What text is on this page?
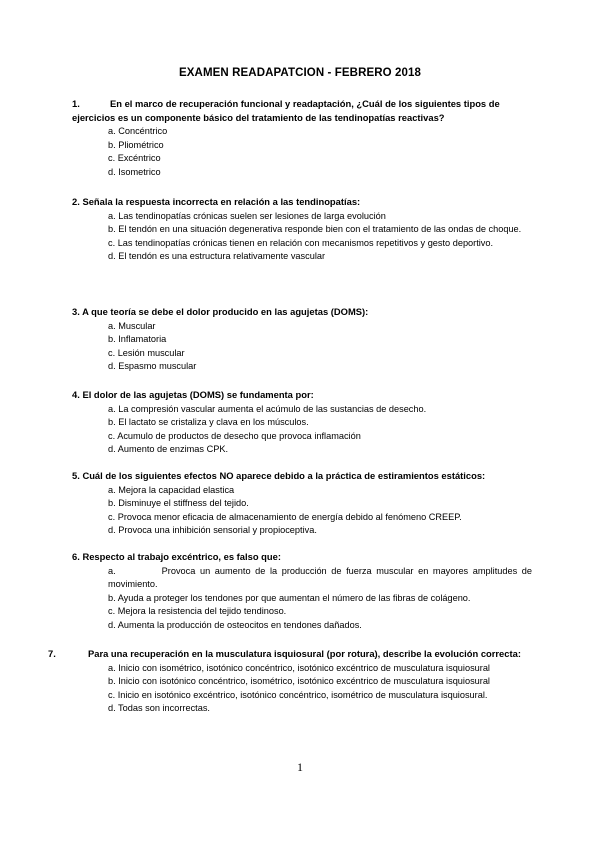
EXAMEN READAPATCION - FEBRERO 2018
1.	En el marco de recuperación funcional y readaptación, ¿Cuál de los siguientes tipos de ejercicios es un componente básico del tratamiento de las tendinopatías reactivas?
a. Concéntrico
b. Pliométrico
c. Excéntrico
d. Isometrico
2. Señala la respuesta incorrecta en relación a las tendinopatías:
a. Las tendinopatías crónicas suelen ser lesiones de larga evolución
b. El tendón en una situación degenerativa responde bien con el tratamiento de las ondas de choque.
c. Las tendinopatías crónicas tienen en relación con mecanismos repetitivos y gesto deportivo.
d. El tendón es una estructura relativamente vascular
3. A que teoría se debe el dolor producido en las agujetas (DOMS):
a. Muscular
b. Inflamatoria
c. Lesión muscular
d. Espasmo muscular
4. El dolor de las agujetas (DOMS) se fundamenta por:
a. La compresión vascular aumenta el acúmulo de las sustancias de desecho.
b. El lactato se cristaliza y clava en los músculos.
c. Acumulo de productos de desecho que provoca inflamación
d. Aumento de enzimas CPK.
5. Cuál de los siguientes efectos NO aparece debido a la práctica de estiramientos estáticos:
a. Mejora la capacidad elastica
b. Disminuye el stiffness del tejido.
c. Provoca menor eficacia de almacenamiento de energía debido al fenómeno CREEP.
d. Provoca una inhibición sensorial y propioceptiva.
6. Respecto al trabajo excéntrico, es falso que:
a.          Provoca un aumento de la producción de fuerza muscular en mayores amplitudes de movimiento.
b. Ayuda a proteger los tendones por que aumentan el número de las fibras de colágeno.
c. Mejora la resistencia del tejido tendinoso.
d. Aumenta la producción de osteocitos en tendones dañados.
7.	Para una recuperación en la musculatura isquiosural (por rotura), describe la evolución correcta:
a. Inicio con isométrico, isotónico concéntrico, isotónico excéntrico de musculatura isquiosural
b. Inicio con isotónico concéntrico, isométrico, isotónico excéntrico de musculatura isquiosural
c. Inicio en isotónico excéntrico, isotónico concéntrico, isométrico de musculatura isquiosural.
d. Todas son incorrectas.
1
